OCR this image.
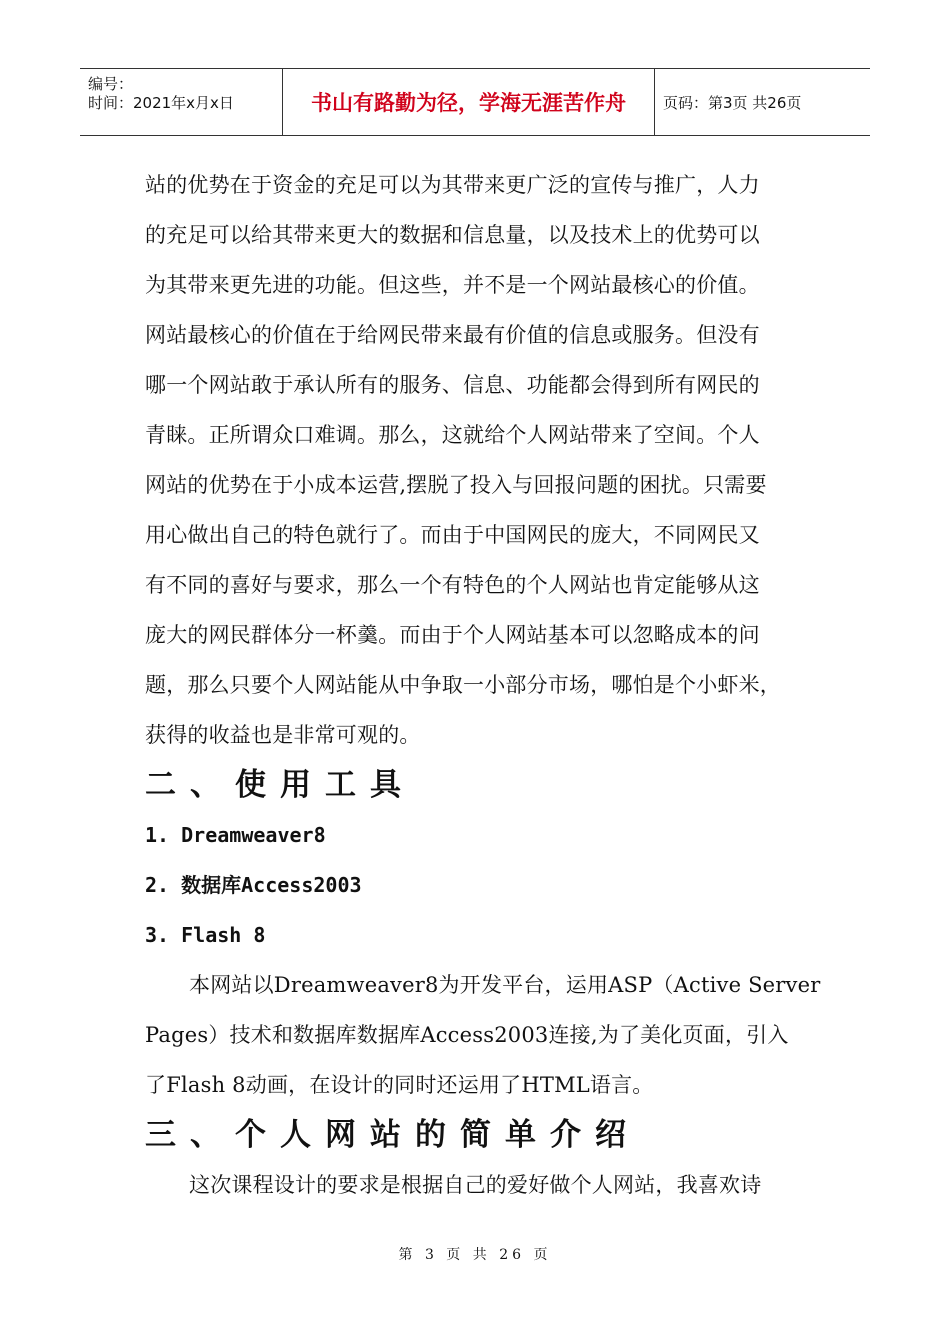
编号：
时间：2021年x月x日	书山有路勤为径，学海无涯苦作舟	页码：第3页 共26页
站的优势在于资金的充足可以为其带来更广泛的宣传与推广，人力
的充足可以给其带来更大的数据和信息量，以及技术上的优势可以
为其带来更先进的功能。但这些，并不是一个网站最核心的价值。
网站最核心的价值在于给网民带来最有价值的信息或服务。但没有
哪一个网站敢于承认所有的服务、信息、功能都会得到所有网民的
青睐。正所谓众口难调。那么，这就给个人网站带来了空间。个人
网站的优势在于小成本运营,摆脱了投入与回报问题的困扰。只需要
用心做出自己的特色就行了。而由于中国网民的庞大，不同网民又
有不同的喜好与要求，那么一个有特色的个人网站也肯定能够从这
庞大的网民群体分一杯羹。而由于个人网站基本可以忽略成本的问
题，那么只要个人网站能从中争取一小部分市场，哪怕是个小虾米，
获得的收益也是非常可观的。
二、使用工具
1. Dreamweaver8
2. 数据库Access2003
3. Flash 8
本网站以Dreamweaver8为开发平台，运用ASP（Active Server
Pages）技术和数据库数据库Access2003连接,为了美化页面，引入
了Flash 8动画，在设计的同时还运用了HTML语言。
三、个人网站的简单介绍
这次课程设计的要求是根据自己的爱好做个人网站，我喜欢诗
第 3 页 共 26 页
